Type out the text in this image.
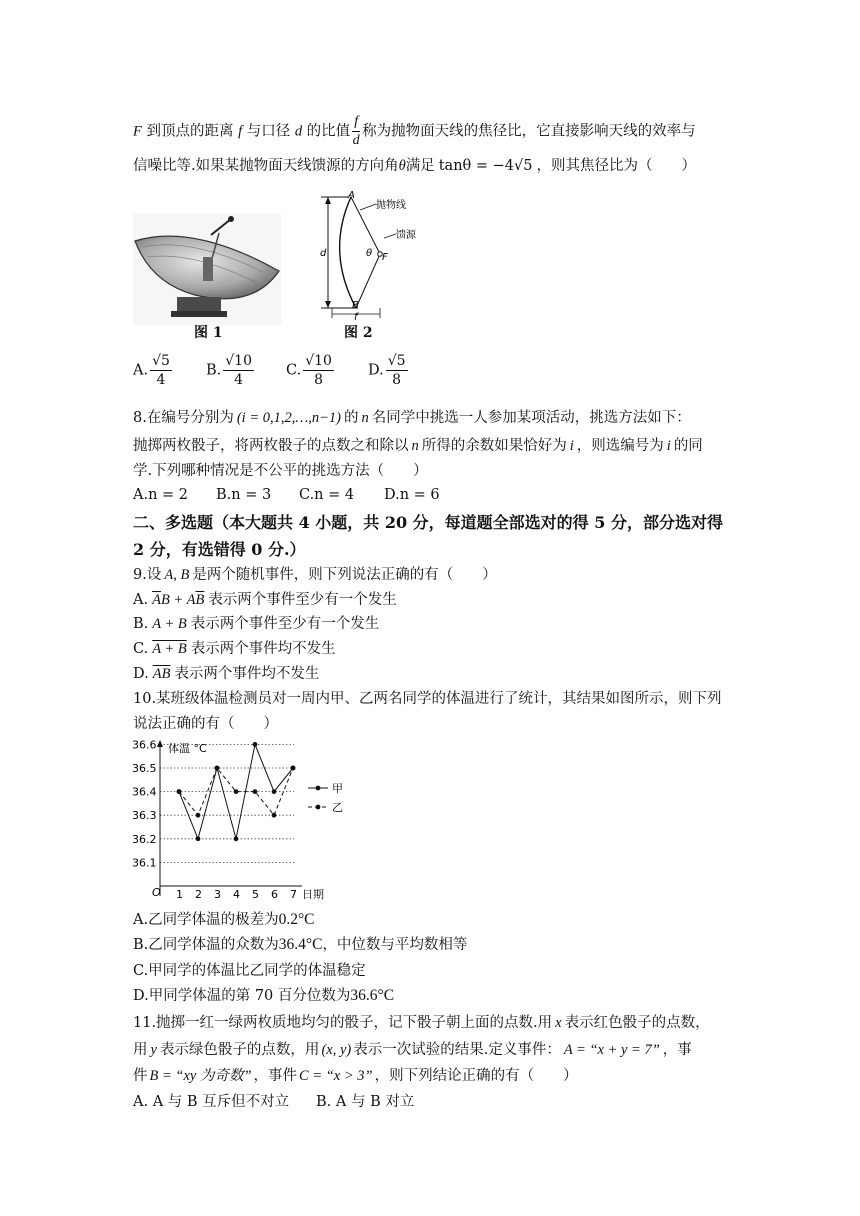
F 到顶点的距离 f 与口径 d 的比值 $\frac{f}{d}$ 称为抛物面天线的焦径比，它直接影响天线的效率与
信噪比等.如果某抛物面天线馈源的方向角θ满足 tanθ = −4√5 ，则其焦径比为（　　）
图 1
A
B
F
d
f
θ
抛物线
馈源
图 2
A. $\frac{√5}{4} B$. $\frac{√10}{4} C$. $\frac{√10}{8} D$. $\frac{√5}{8}$
8.在编号分别为 (i = 0,1,2,…,n−1) 的 n 名同学中挑选一人参加某项活动，挑选方法如下：
抛掷两枚骰子，将两枚骰子的点数之和除以 n 所得的余数如果恰好为 i ，则选编号为 i 的同
学.下列哪种情况是不公平的挑选方法（　　）
A.n = 2 B.n = 3 C.n = 4 D.n = 6
二、多选题（本大题共 4 小题，共 20 分，每道题全部选对的得 5 分，部分选对得
2 分，有选错得 0 分.）
9.设 A, B 是两个随机事件，则下列说法正确的有（　　）
A. $\overline{A}B + A\overline{B}$ 表示两个事件至少有一个发生
B. A + B 表示两个事件至少有一个发生
C. A + B 表示两个事件均不发生
D. $\overline{AB}$ 表示两个事件均不发生
10.某班级体温检测员对一周内甲、乙两名同学的体温进行了统计，其结果如图所示，则下列
说法正确的有（　　）
体温 °C
O	日期
36.1
36.2
36.3
36.4
36.5
36.6
1 2 3 4 5 6 7
甲
乙
A.乙同学体温的极差为0.2°C
B.乙同学体温的众数为36.4°C，中位数与平均数相等
C.甲同学的体温比乙同学的体温稳定
D.甲同学体温的第 70 百分位数为36.6°C
11.抛掷一红一绿两枚质地均匀的骰子，记下骰子朝上面的点数.用 x 表示红色骰子的点数，
用 y 表示绿色骰子的点数，用 (x, y) 表示一次试验的结果.定义事件： A = “x + y = 7” ，事
件 B = “xy 为奇数” ，事件 C = “x > 3” ，则下列结论正确的有（　　）
A. A 与 B 互斥但不对立 B. A 与 B 对立
